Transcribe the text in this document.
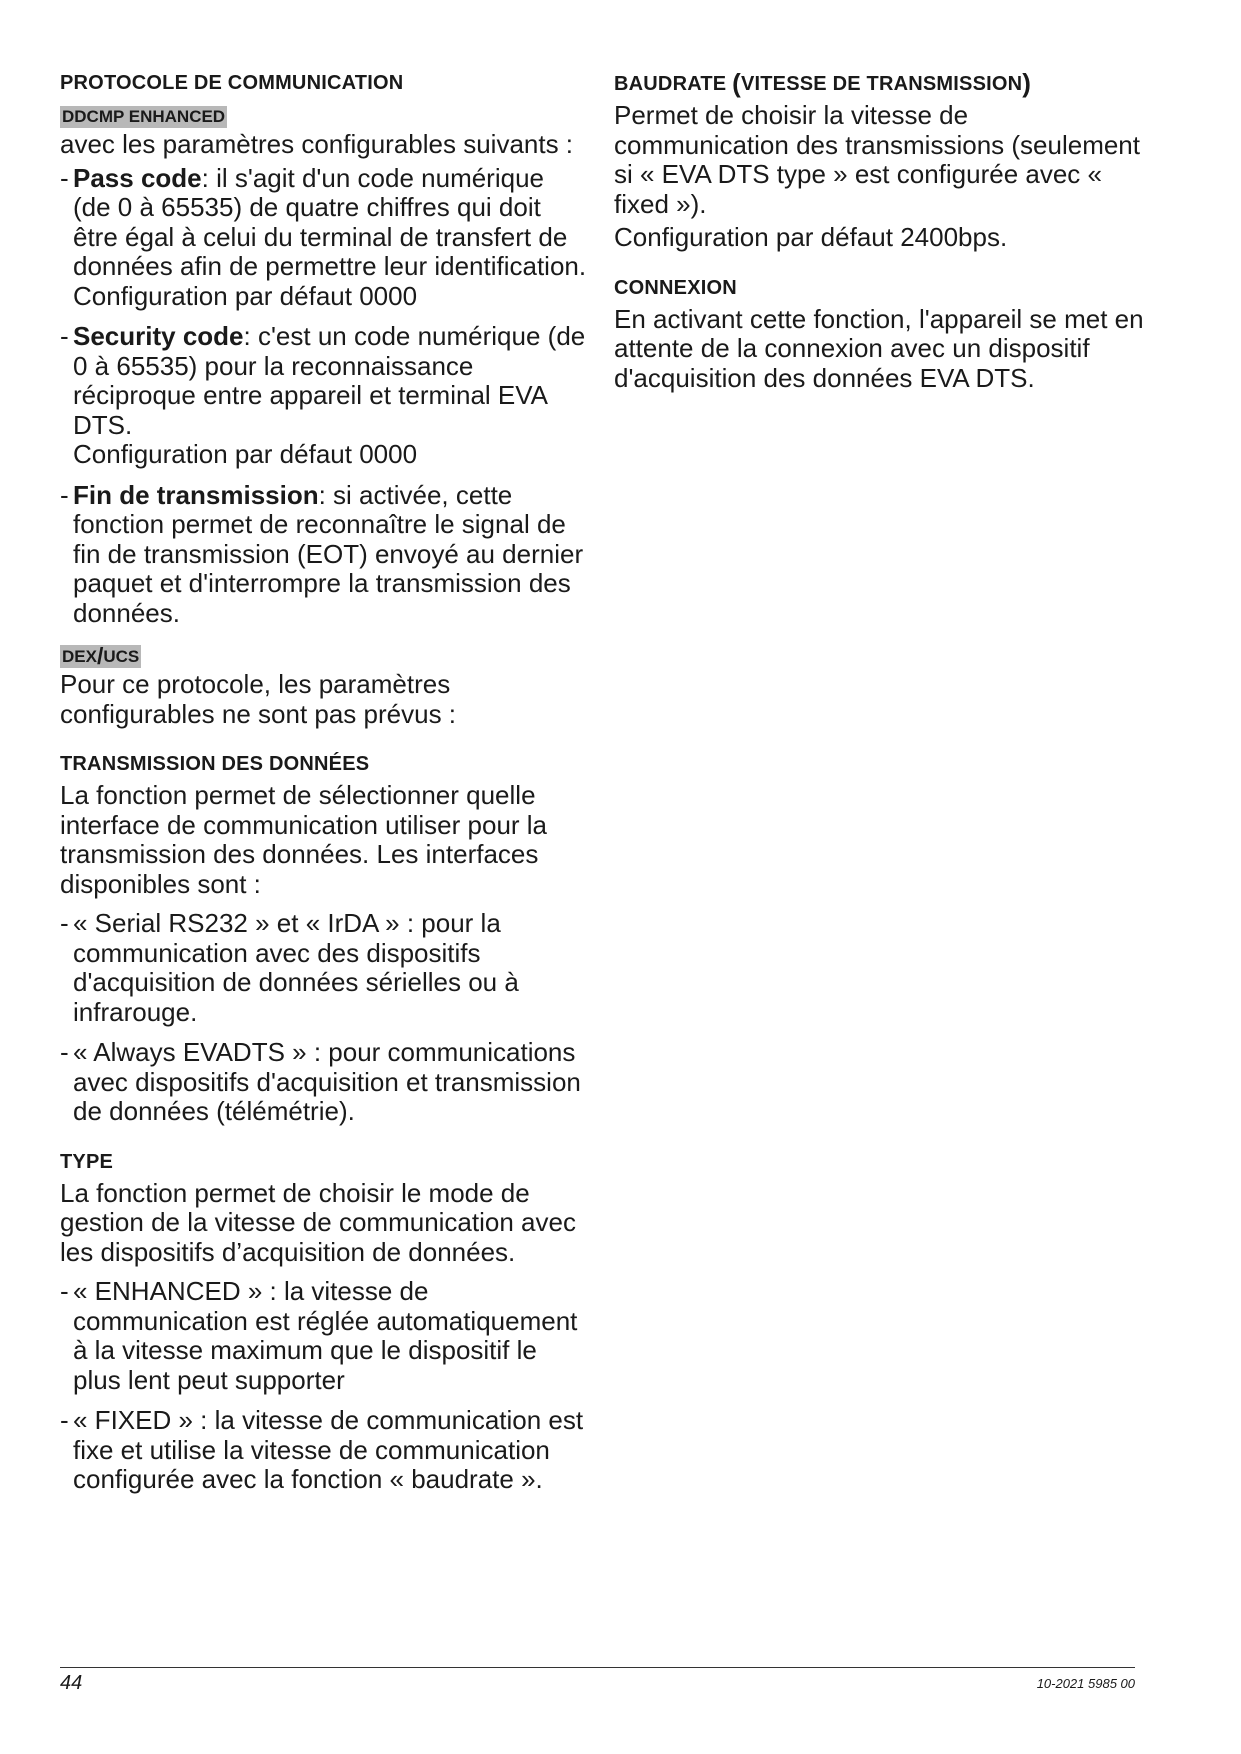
PROTOCOLE DE COMMUNICATION
DDCMP ENHANCED
avec les paramètres configurables suivants :
- Pass code: il s'agit d'un code numérique (de 0 à 65535) de quatre chiffres qui doit être égal à celui du terminal de transfert de données afin de permettre leur identification.
Configuration par défaut 0000
- Security code: c'est un code numérique (de 0 à 65535) pour la reconnaissance réciproque entre appareil et terminal EVA DTS.
Configuration par défaut 0000
- Fin de transmission: si activée, cette fonction permet de reconnaître le signal de fin de transmission (EOT) envoyé au dernier paquet et d'interrompre la transmission des données.
DEX/UCS
Pour ce protocole, les paramètres configurables ne sont pas prévus :
TRANSMISSION DES DONNÉES
La fonction permet de sélectionner quelle interface de communication utiliser pour la transmission des données. Les interfaces disponibles sont :
- « Serial RS232 » et « IrDA » : pour la communication avec des dispositifs d'acquisition de données sérielles ou à infrarouge.
- « Always EVADTS » : pour communications avec dispositifs d'acquisition et transmission de données (télémétrie).
TYPE
La fonction permet de choisir le mode de gestion de la vitesse de communication avec les dispositifs d’acquisition de données.
- « ENHANCED » : la vitesse de communication est réglée automatiquement à la vitesse maximum que le dispositif le plus lent peut supporter
- « FIXED » : la vitesse de communication est fixe et utilise la vitesse de communication configurée avec la fonction « baudrate ».
BAUDRATE (VITESSE DE TRANSMISSION)
Permet de choisir la vitesse de communication des transmissions (seulement si « EVA DTS type » est configurée avec « fixed »).
Configuration par défaut 2400bps.
CONNEXION
En activant cette fonction, l'appareil se met en attente de la connexion avec un dispositif d'acquisition des données EVA DTS.
44	10-2021 5985 00
